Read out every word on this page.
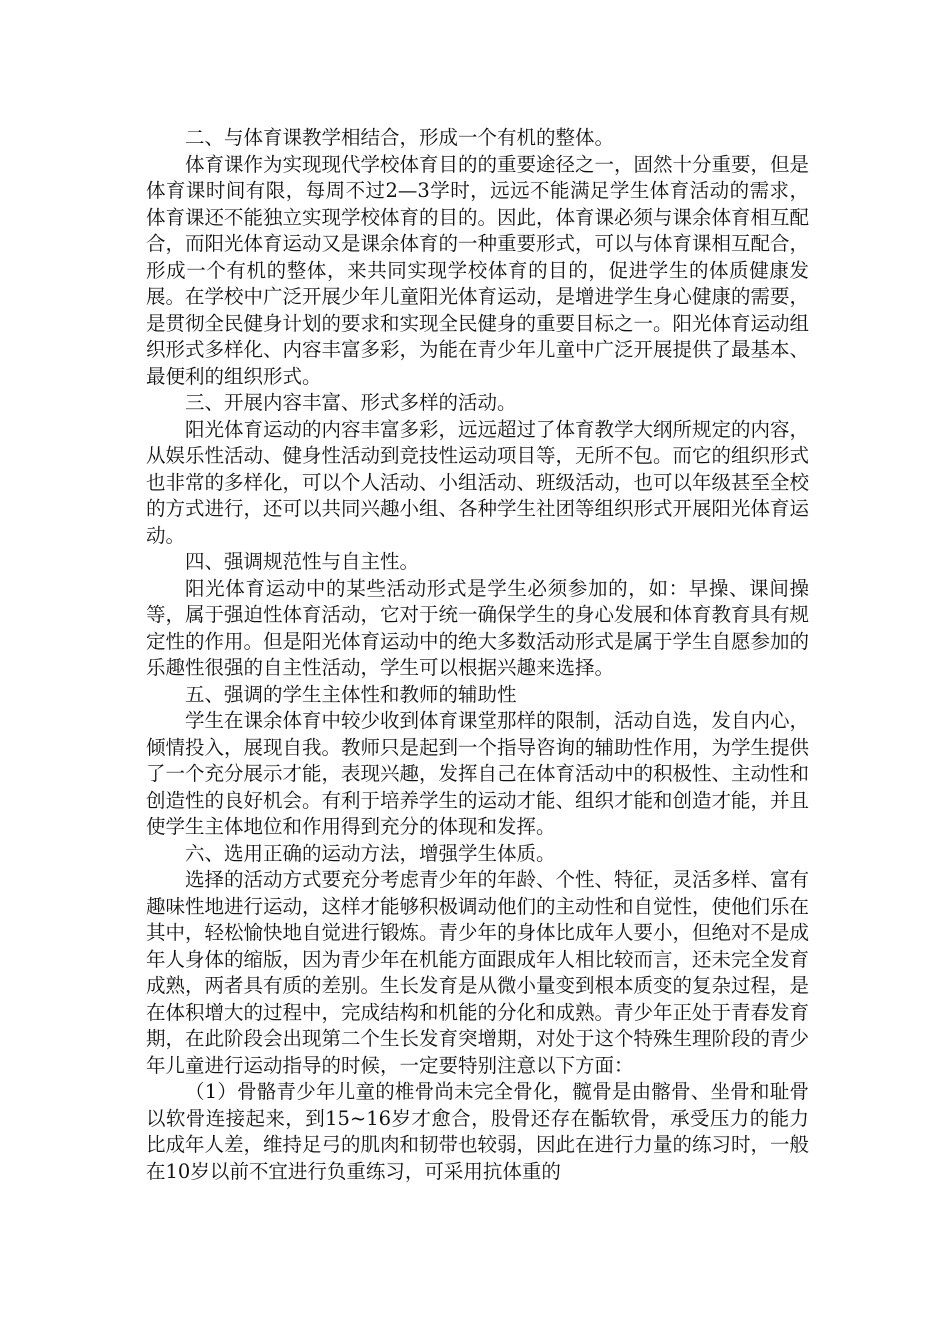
二、与体育课教学相结合，形成一个有机的整体。

体育课作为实现现代学校体育目的的重要途径之一，固然十分重要，但是体育课时间有限，每周不过2—3学时，远远不能满足学生体育活动的需求，体育课还不能独立实现学校体育的目的。因此，体育课必须与课余体育相互配合，而阳光体育运动又是课余体育的一种重要形式，可以与体育课相互配合，形成一个有机的整体，来共同实现学校体育的目的，促进学生的体质健康发展。在学校中广泛开展少年儿童阳光体育运动，是增进学生身心健康的需要，是贯彻全民健身计划的要求和实现全民健身的重要目标之一。阳光体育运动组织形式多样化、内容丰富多彩，为能在青少年儿童中广泛开展提供了最基本、最便利的组织形式。

三、开展内容丰富、形式多样的活动。

阳光体育运动的内容丰富多彩，远远超过了体育教学大纲所规定的内容，从娱乐性活动、健身性活动到竞技性运动项目等，无所不包。而它的组织形式也非常的多样化，可以个人活动、小组活动、班级活动，也可以年级甚至全校的方式进行，还可以共同兴趣小组、各种学生社团等组织形式开展阳光体育运动。

四、强调规范性与自主性。

阳光体育运动中的某些活动形式是学生必须参加的，如：早操、课间操等，属于强迫性体育活动，它对于统一确保学生的身心发展和体育教育具有规定性的作用。但是阳光体育运动中的绝大多数活动形式是属于学生自愿参加的乐趣性很强的自主性活动，学生可以根据兴趣来选择。

五、强调的学生主体性和教师的辅助性

学生在课余体育中较少收到体育课堂那样的限制，活动自选，发自内心，倾情投入，展现自我。教师只是起到一个指导咨询的辅助性作用，为学生提供了一个充分展示才能，表现兴趣，发挥自己在体育活动中的积极性、主动性和创造性的良好机会。有利于培养学生的运动才能、组织才能和创造才能，并且使学生主体地位和作用得到充分的体现和发挥。

六、选用正确的运动方法，增强学生体质。

选择的活动方式要充分考虑青少年的年龄、个性、特征，灵活多样、富有趣味性地进行运动，这样才能够积极调动他们的主动性和自觉性，使他们乐在其中，轻松愉快地自觉进行锻炼。青少年的身体比成年人要小，但绝对不是成年人身体的缩版，因为青少年在机能方面跟成年人相比较而言，还未完全发育成熟，两者具有质的差别。生长发育是从微小量变到根本质变的复杂过程，是在体积增大的过程中，完成结构和机能的分化和成熟。青少年正处于青春发育期，在此阶段会出现第二个生长发育突增期，对处于这个特殊生理阶段的青少年儿童进行运动指导的时候，一定要特别注意以下方面：

（1）骨骼青少年儿童的椎骨尚未完全骨化，髋骨是由髂骨、坐骨和耻骨以软骨连接起来，到15~16岁才愈合，股骨还存在骺软骨，承受压力的能力比成年人差，维持足弓的肌肉和韧带也较弱，因此在进行力量的练习时，一般在10岁以前不宜进行负重练习，可采用抗体重的
